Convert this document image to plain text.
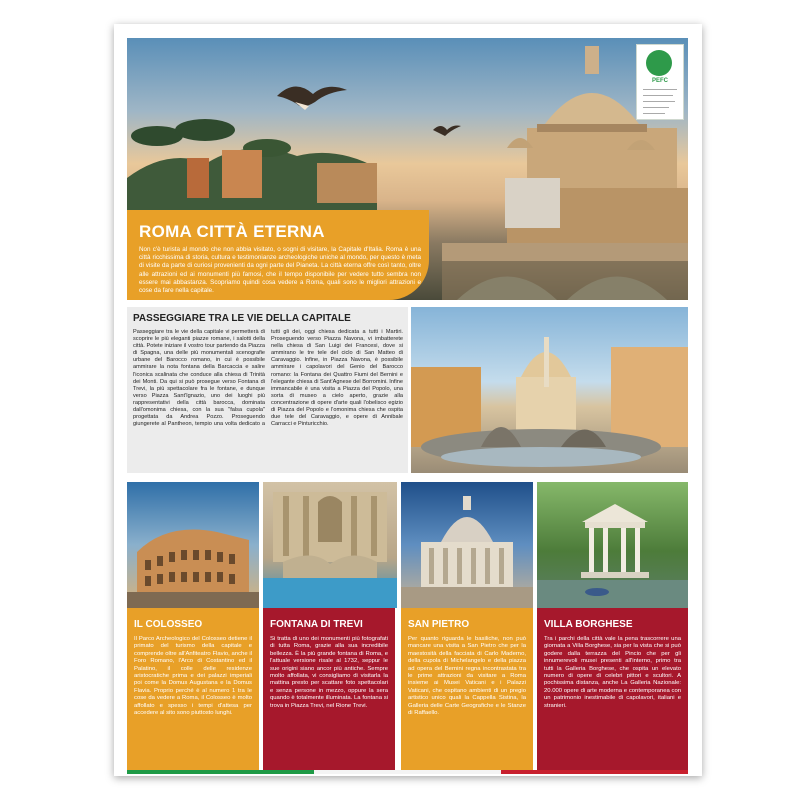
PEFC
ROMA CITTÀ ETERNA

Non c'è turista al mondo che non abbia visitato, o sogni di visitare, la Capitale d'Italia. Roma è una città ricchissima di storia, cultura e testimonianze archeologiche uniche al mondo, per questo è meta di visite da parte di curiosi provenienti da ogni parte del Pianeta. La città eterna offre così tanto, oltre alle attrazioni ed ai monumenti più famosi, che il tempo disponibile per vedere tutto sembra non essere mai abbastanza. Scopriamo quindi cosa vedere a Roma, quali sono le migliori attrazioni e cose da fare nella capitale.

PASSEGGIARE TRA LE VIE DELLA CAPITALE
Passeggiare tra le vie della capitale vi permetterà di scoprire le più eleganti piazze romane, i salotti della città. Potete iniziare il vostro tour partendo da Piazza di Spagna, una delle più monumentali scenografie urbane del Barocco romano, in cui è possibile ammirare la nota fontana della Barcaccia e salire l'iconica scalinata che conduce alla chiesa di Trinità dei Monti. Da qui si può prosegue verso Fontana di Trevi, la più spettacolare fra le fontane, e dunque verso Piazza Sant'Ignazio, uno dei luoghi più rappresentativi della città barocca, dominata dall'omonima chiesa, con la sua "falsa cupola" progettata da Andrea Pozzo. Proseguendo giungerete al Pantheon, tempio una volta dedicato a tutti gli dei, oggi chiesa dedicata a tutti i Martiri. Proseguendo verso Piazza Navona, vi imbatterete nella chiesa di San Luigi dei Francesi, dove si ammirano le tre tele del ciclo di San Matteo di Caravaggio. Infine, in Piazza Navona, è possibile ammirare i capolavori del Genio del Barocco romano: la Fontana dei Quattro Fiumi del Bernini e l'elegante chiesa di Sant'Agnese del Borromini. Infine immancabile è una visita a Piazza del Popolo, una sorta di museo a cielo aperto, grazie alla concentrazione di opere d'arte quali l'obelisco egizio di Piazza del Popolo e l'omonima chiesa che ospita due tele del Caravaggio, e opere di Annibale Carracci e Pinturicchio.
IL COLOSSEO

Il Parco Archeologico del Colosseo detiene il primato del turismo della capitale e comprende oltre all'Anfiteatro Flavio, anche il Foro Romano, l'Arco di Costantino ed il Palatino, il colle delle residenze aristocratiche prima e dei palazzi imperiali poi come la Domus Augustana e la Domus Flavia. Proprio perché è al numero 1 tra le cose da vedere a Roma, il Colosseo è molto affollato e spesso i tempi d'attesa per accedere al sito sono piuttosto lunghi.

FONTANA DI TREVI

Si tratta di uno dei monumenti più fotografati di tutta Roma, grazie alla sua incredibile bellezza. È la più grande fontana di Roma, e l'attuale versione risale al 1732, seppur le sue origini siano ancor più antiche. Sempre molto affollata, vi consigliamo di visitarla la mattina presto per scattare foto spettacolari e senza persone in mezzo, oppure la sera quando è totalmente illuminata. La fontana si trova in Piazza Trevi, nel Rione Trevi.

SAN PIETRO

Per quanto riguarda le basiliche, non può mancare una visita a San Pietro che per la maestosità della facciata di Carlo Maderno, della cupola di Michelangelo e della piazza ad opera del Bernini regna incontrastata tra le prime attrazioni da visitare a Roma insieme ai Musei Vaticani e i Palazzi Vaticani, che ospitano ambienti di un pregio artistico unico quali la Cappella Sistina, la Galleria delle Carte Geografiche e le Stanze di Raffaello.

VILLA BORGHESE

Tra i parchi della città vale la pena trascorrere una giornata a Villa Borghese, sia per la vista che si può godere dalla terrazza del Pincio che per gli innumerevoli musei presenti all'interno, primo tra tutti la Galleria Borghese, che ospita un elevato numero di opere di celebri pittori e scultori. A pochissima distanza, anche La Galleria Nazionale: 20.000 opere di arte moderna e contemporanea con un patrimonio inestimabile di capolavori, italiani e stranieri.
